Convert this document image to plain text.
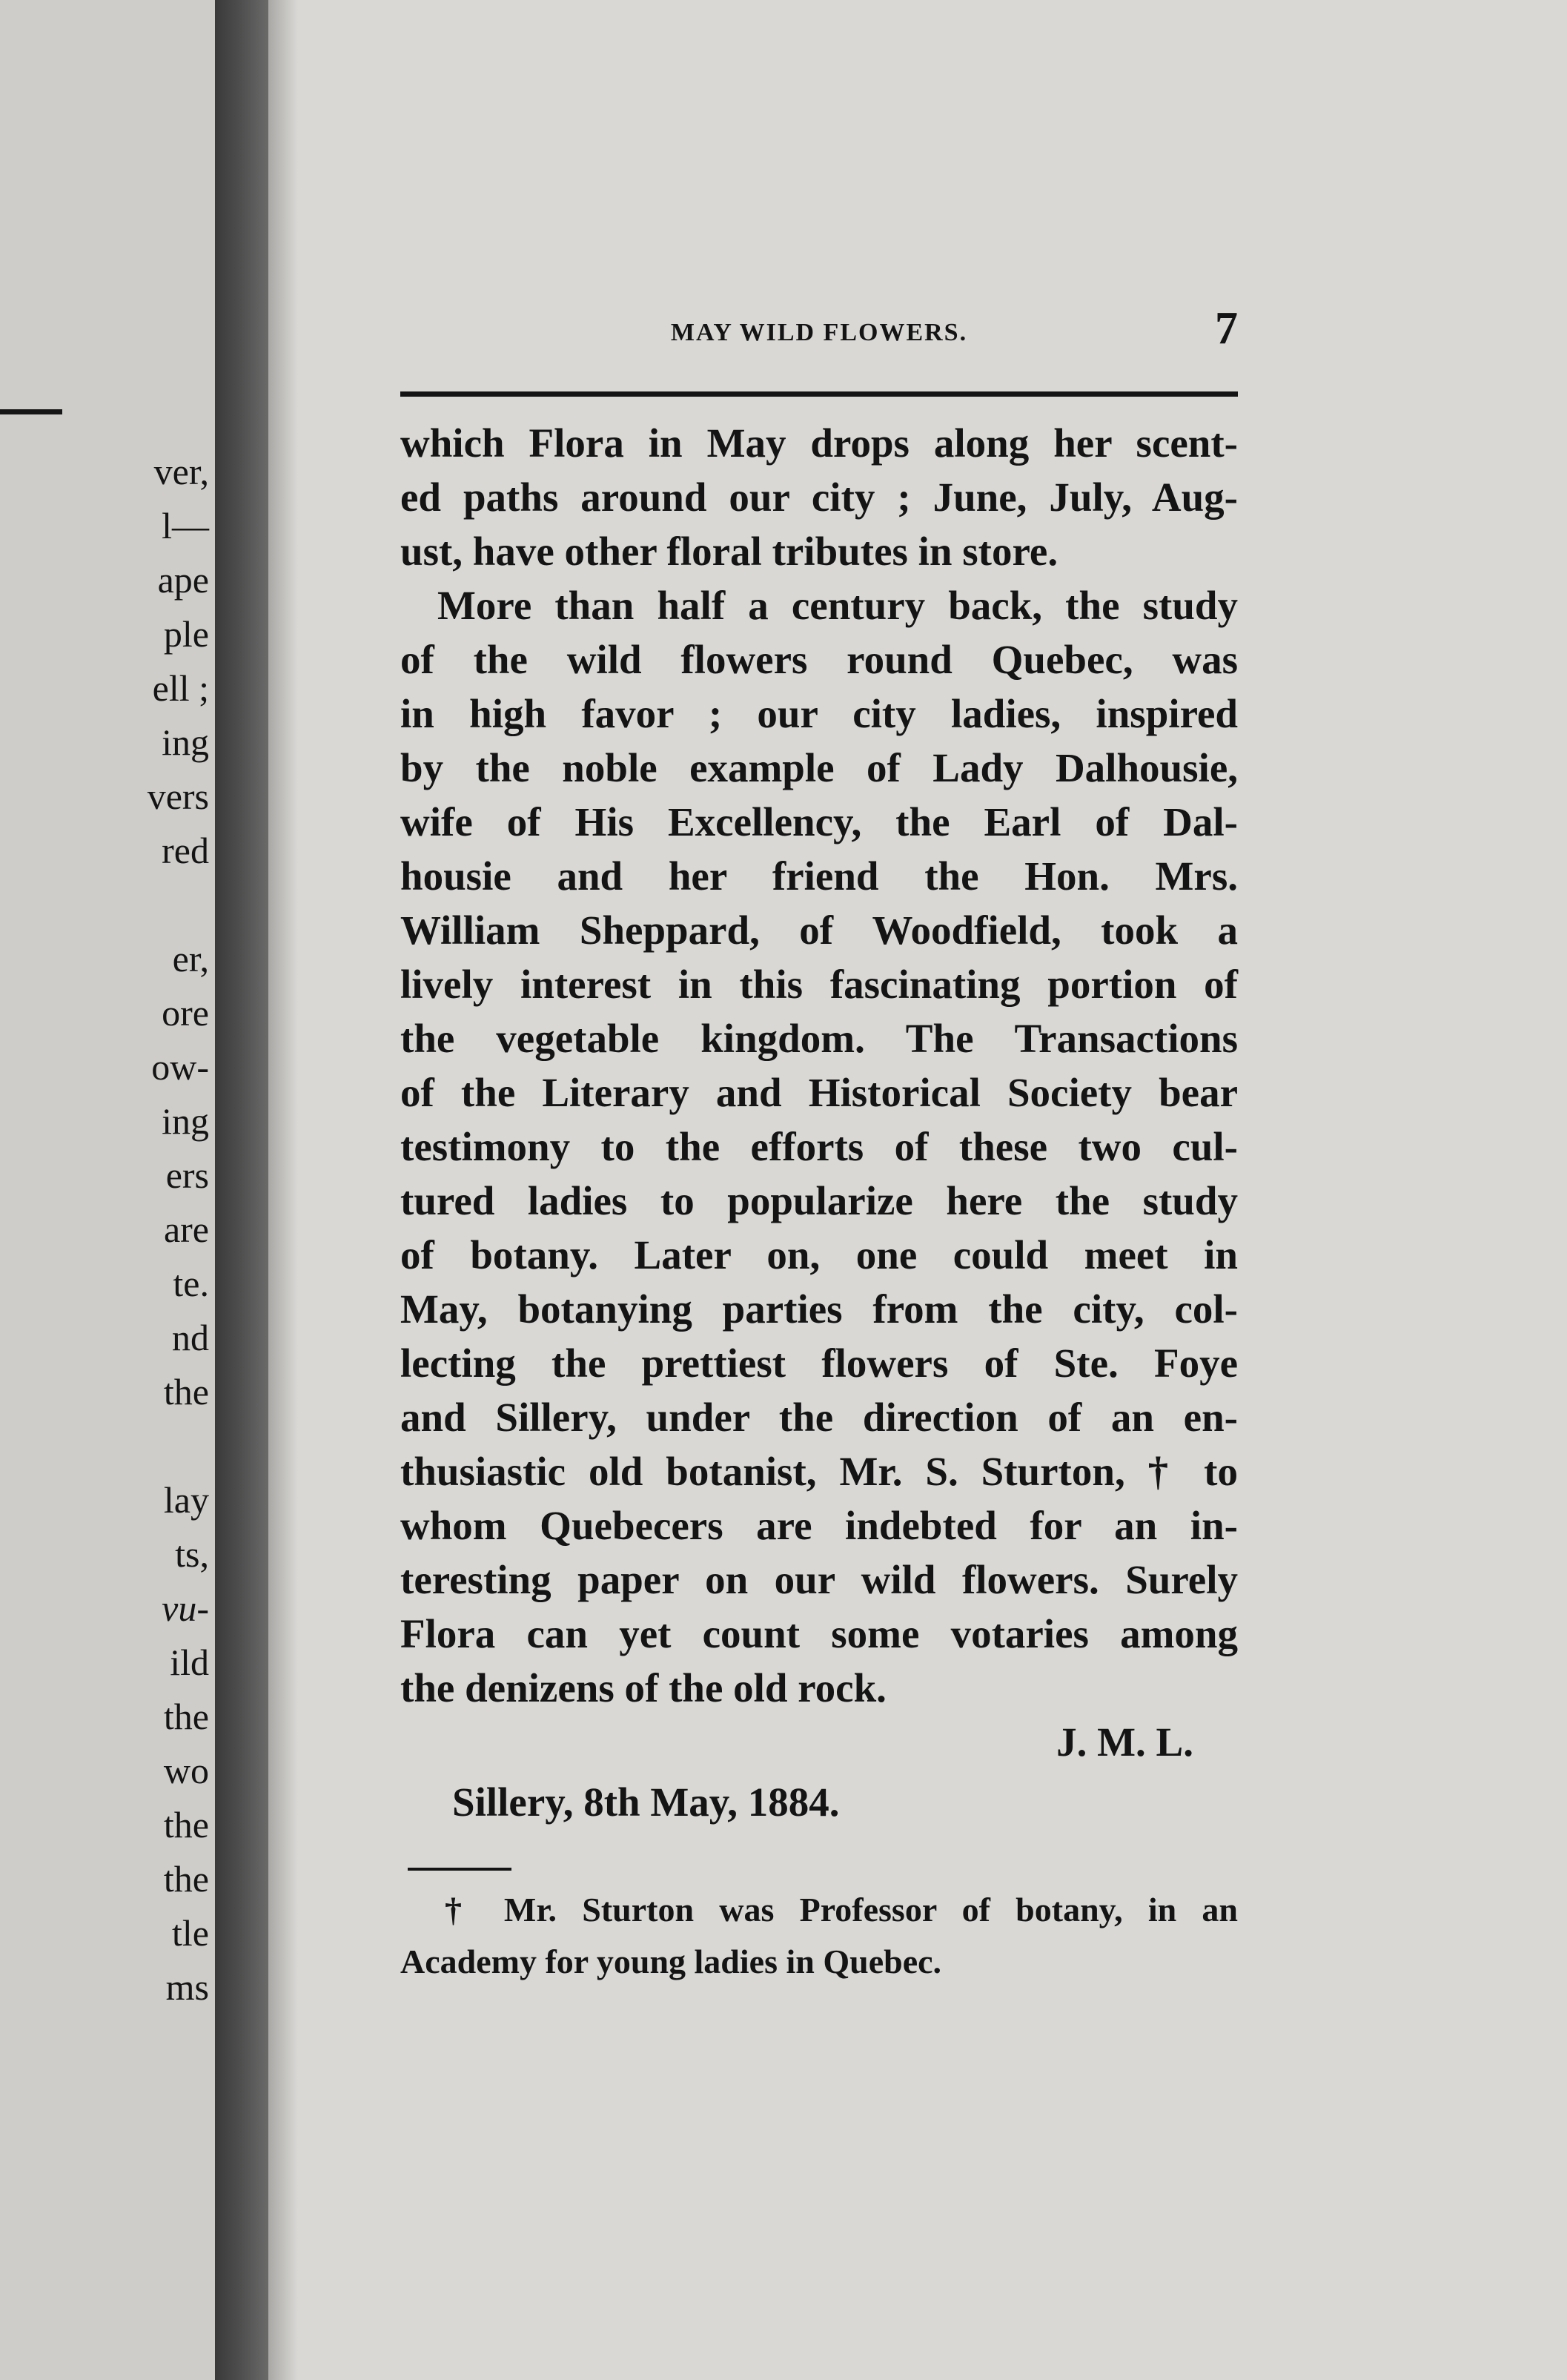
ver,
l—
ape
ple
ell ;
ing
vers
red
er,
ore
ow-
ing
ers
are
te.
nd
the
lay
ts,
vu-
ild
the
wo
the
the
tle
ms
MAY WILD FLOWERS.	7
which Flora in May drops along her scent-
ed paths around our city ; June, July, Aug-
ust, have other floral tributes in store.
More than half a century back, the study
of the wild flowers round Quebec, was
in high favor ; our city ladies, inspired
by the noble example of Lady Dalhousie,
wife of His Excellency, the Earl of Dal-
housie and her friend the Hon. Mrs.
William Sheppard, of Woodfield, took a
lively interest in this fascinating portion of
the vegetable kingdom. The Transactions
of the Literary and Historical Society bear
testimony to the efforts of these two cul-
tured ladies to popularize here the study
of botany. Later on, one could meet in
May, botanying parties from the city, col-
lecting the prettiest flowers of Ste. Foye
and Sillery, under the direction of an en-
thusiastic old botanist, Mr. S. Sturton, † to
whom Quebecers are indebted for an in-
teresting paper on our wild flowers. Surely
Flora can yet count some votaries among
the denizens of the old rock.
J. M. L.
Sillery, 8th May, 1884.
† Mr. Sturton was Professor of botany, in an
Academy for young ladies in Quebec.
